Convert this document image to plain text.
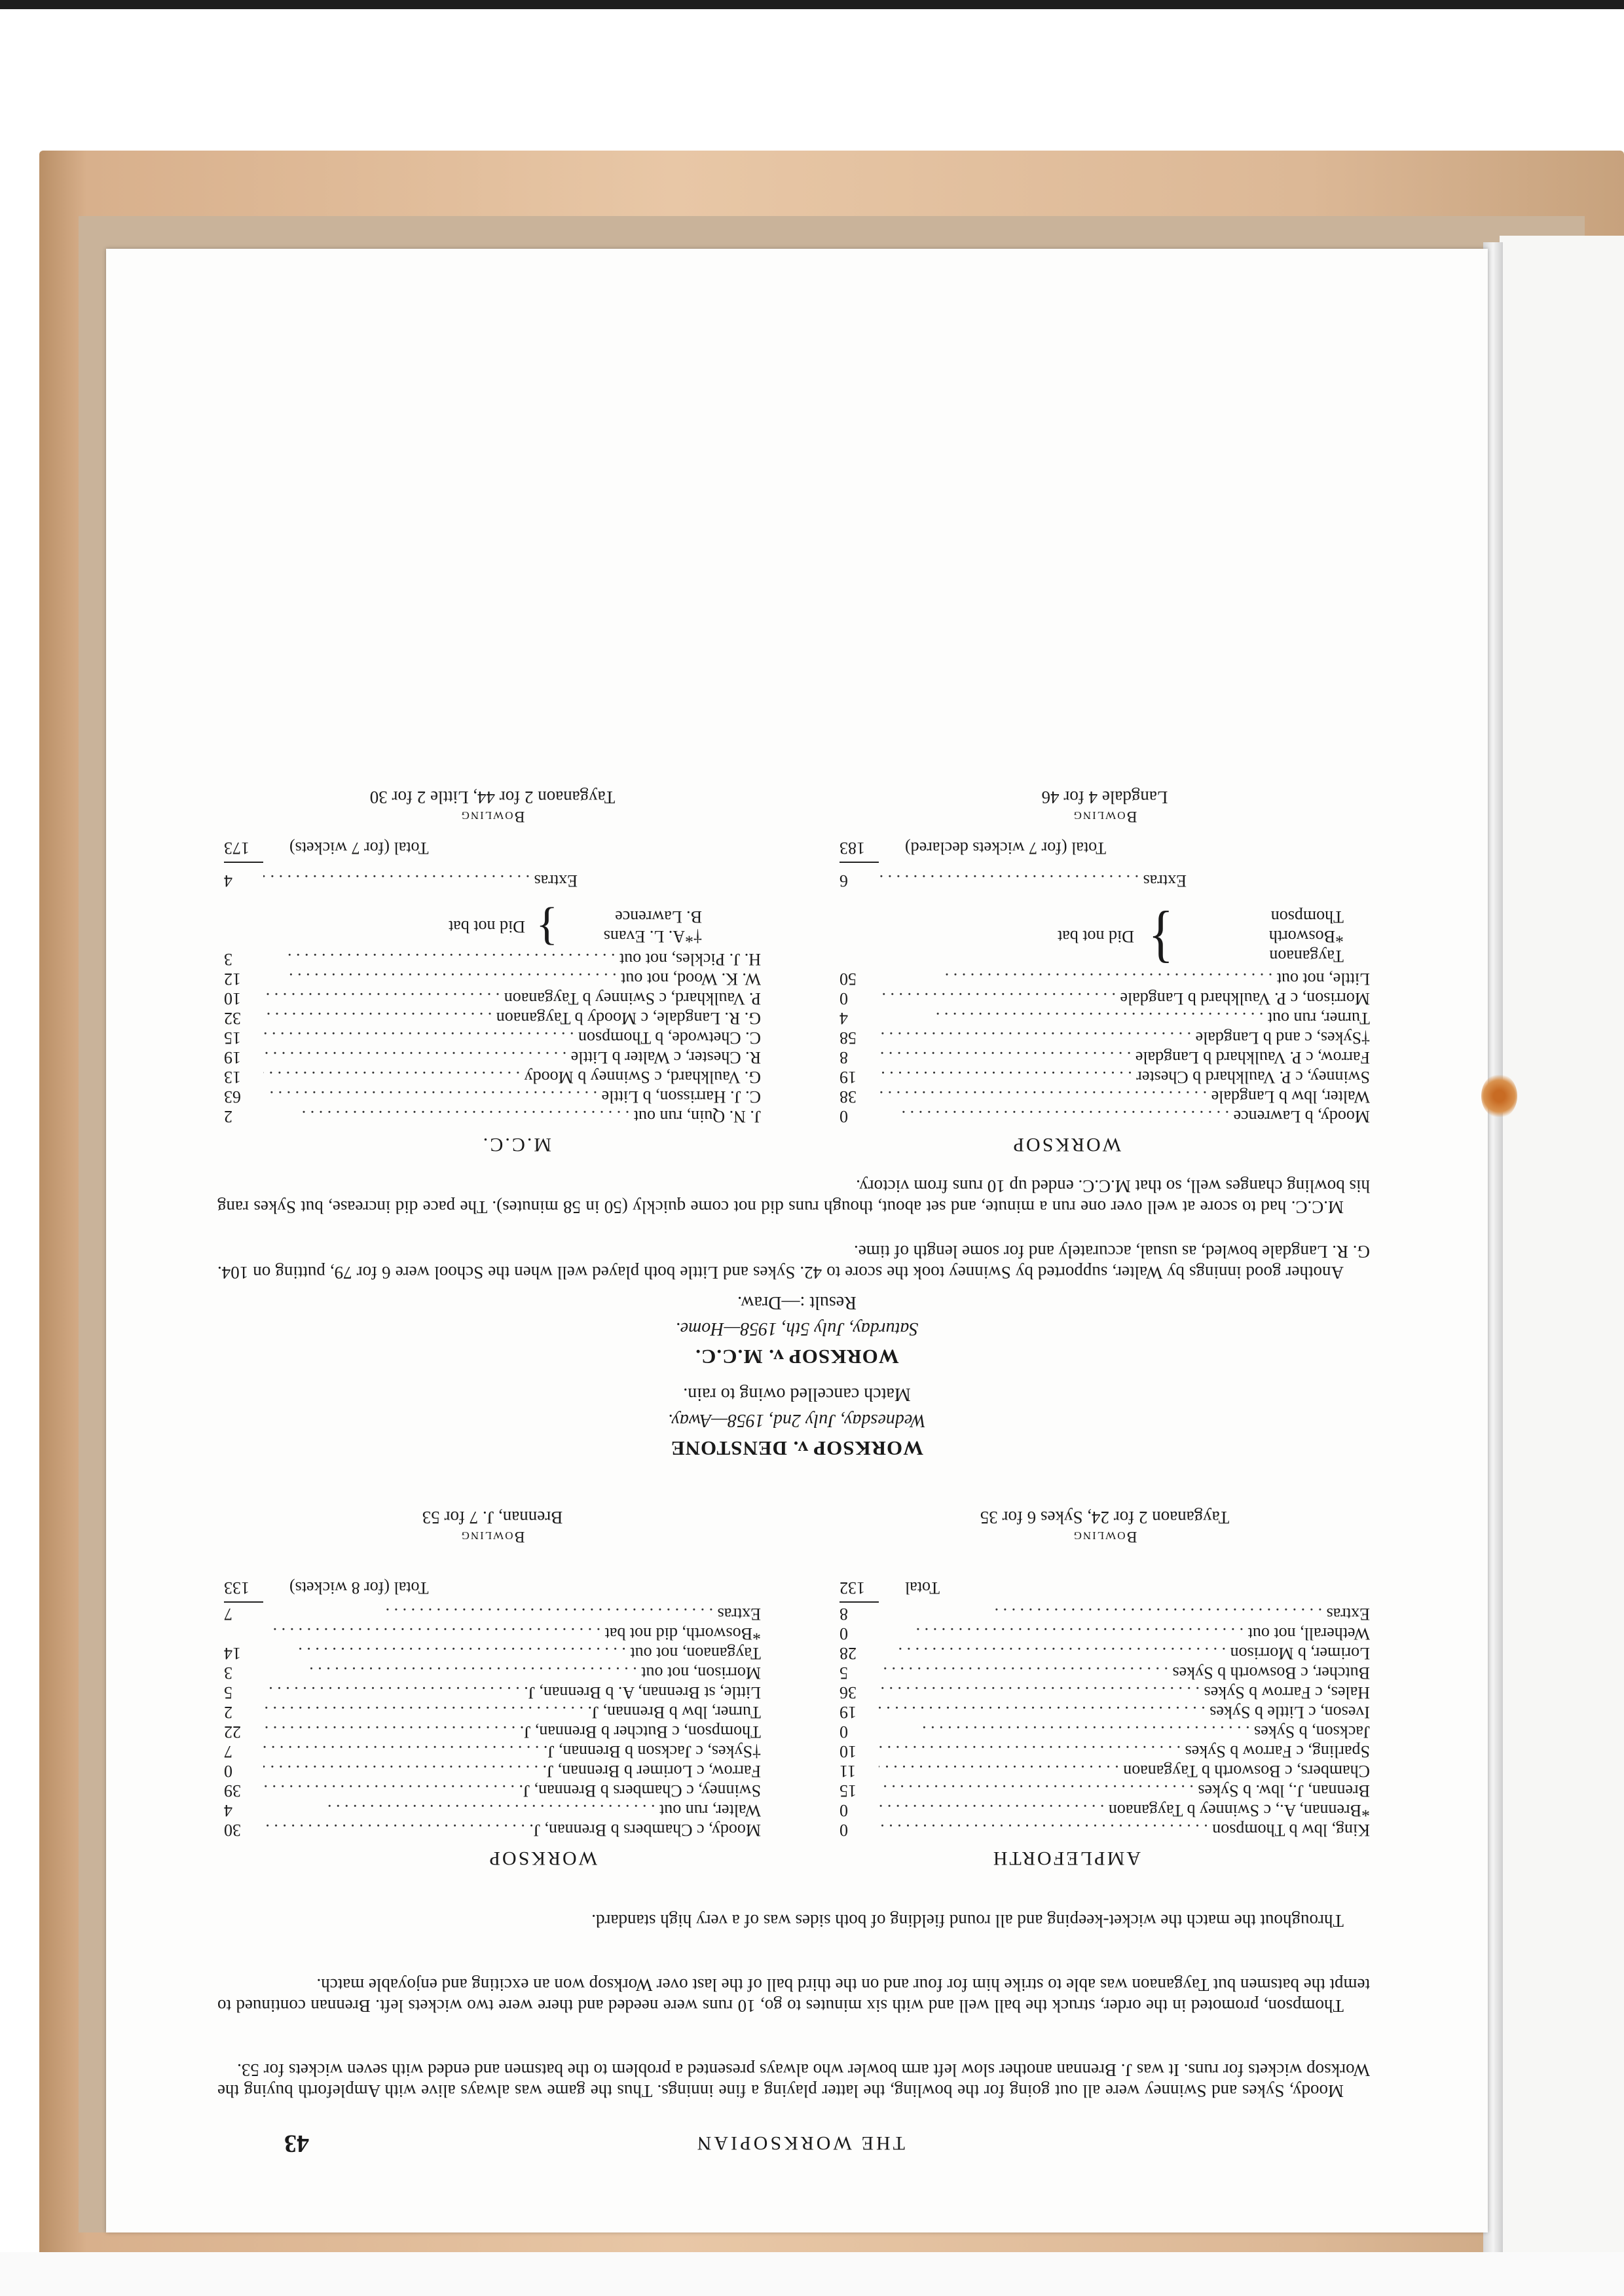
THE WORKSOPIAN
43
Moody, Sykes and Swinney were all out going for the bowling, the latter playing a fine innings. Thus the game was always alive with Ampleforth buying the Worksop wickets for runs. It was J. Brennan another slow left arm bowler who always presented a problem to the batsmen and ended with seven wickets for 53.
Thompson, promoted in the order, struck the ball well and with six minutes to go, 10 runs were needed and there were two wickets left. Brennan continued to tempt the batsmen but Tayganaon was able to strike him for four and on the third ball of the last over Worksop won an exciting and enjoyable match.
Throughout the match the wicket-keeping and all round fielding of both sides was of a very high standard.
AMPLEFORTH
WORKSOP
King, lbw b Thompson . . .
0
*Brennan, A., c Swinney b Tayganaon . . .
0
Brennan, J., lbw. b Sykes . . .
15
Chambers, c Bosworth b Tayganaon . . .
11
Sparling, c Farrow b Sykes . . .
10
Jackson, b Sykes . . .
0
Iveson, c Little b Sykes . . .
19
Hales, c Farrow b Sykes . . .
36
Butcher, c Bosworth b Sykes . . .
5
Lorimer, b Morrison . . .
28
Wetherall, not out . . .
0
Extras . . .
8
Total
132
Bowling
Tayganaon 2 for 24, Sykes 6 for 35
Moody, c Chambers b Brennan, J. . . .
30
Walter, run out . . .
4
Swinney, c Chambers b Brennan, J. . . .
39
Farrow, c Lorimer b Brennan, J. . . .
0
†Sykes, c Jackson b Brennan, J. . . .
7
Thompson, c Butcher b Brennan, J. . . .
22
Turner, lbw b Brennan, J. . . .
2
Little, st Brennan, A. b Brennan, J. . . .
5
Morrison, not out . . .
3
Tayganaon, not out . . .
14
*Bosworth, did not bat . . .
Extras . . .
7
Total (for 8 wickets)
133
Bowling
Brennan, J. 7 for 53
WORKSOP v. DENSTONE
Wednesday, July 2nd, 1958—Away.
Match cancelled owing to rain.
WORKSOP v. M.C.C.
Saturday, July 5th, 1958—Home.
Result :—Draw.
Another good innings by Walter, supported by Swinney took the score to 42. Sykes and Little both played well when the School were 6 for 79, putting on 104. G. R. Langdale bowled, as usual, accurately and for some length of time.
M.C.C. had to score at well over one run a minute, and set about, though runs did not come quickly (50 in 58 minutes). The pace did increase, but Sykes rang his bowling changes well, so that M.C.C. ended up 10 runs from victory.
WORKSOP
M.C.C.
Moody, b Lawrence . . .
0
Walter, lbw b Langdale . . .
38
Swinney, c P. Vaulkhard b Chester . . .
19
Farrow, c P. Vaulkhard b Langdale . . .
8
†Sykes, c and b Langdale . . .
58
Turner, run out . . .
4
Morrison, c P. Vaulkhard b Langdale . . .
0
Little, not out . . .
50
Tayganaon
*Bosworth
Thompson
}
Did not bat
Extras . . .
6
Total (for 7 wickets declared)
183
Bowling
Langdale 4 for 46
J. N. Quin, run out . . .
2
C. J. Harrisson, b Little . . .
63
G. Vaulkhard, c Swinney b Moody . . .
13
R. Chester, c Walter b Little . . .
19
C. Chetwode, b Thompson . . .
15
G. R. Langdale, c Moody b Tayganaon . . .
32
P. Vaulkhard, c Swinney b Tayganaon . . .
10
W. K. Wood, not out . . .
12
H. J. Pickles, not out . . .
3
†*A. L. Evans
B. Lawrence
}
Did not bat
Extras . . .
4
Total (for 7 wickets)
173
Bowling
Tayganaon 2 for 44, Little 2 for 30
